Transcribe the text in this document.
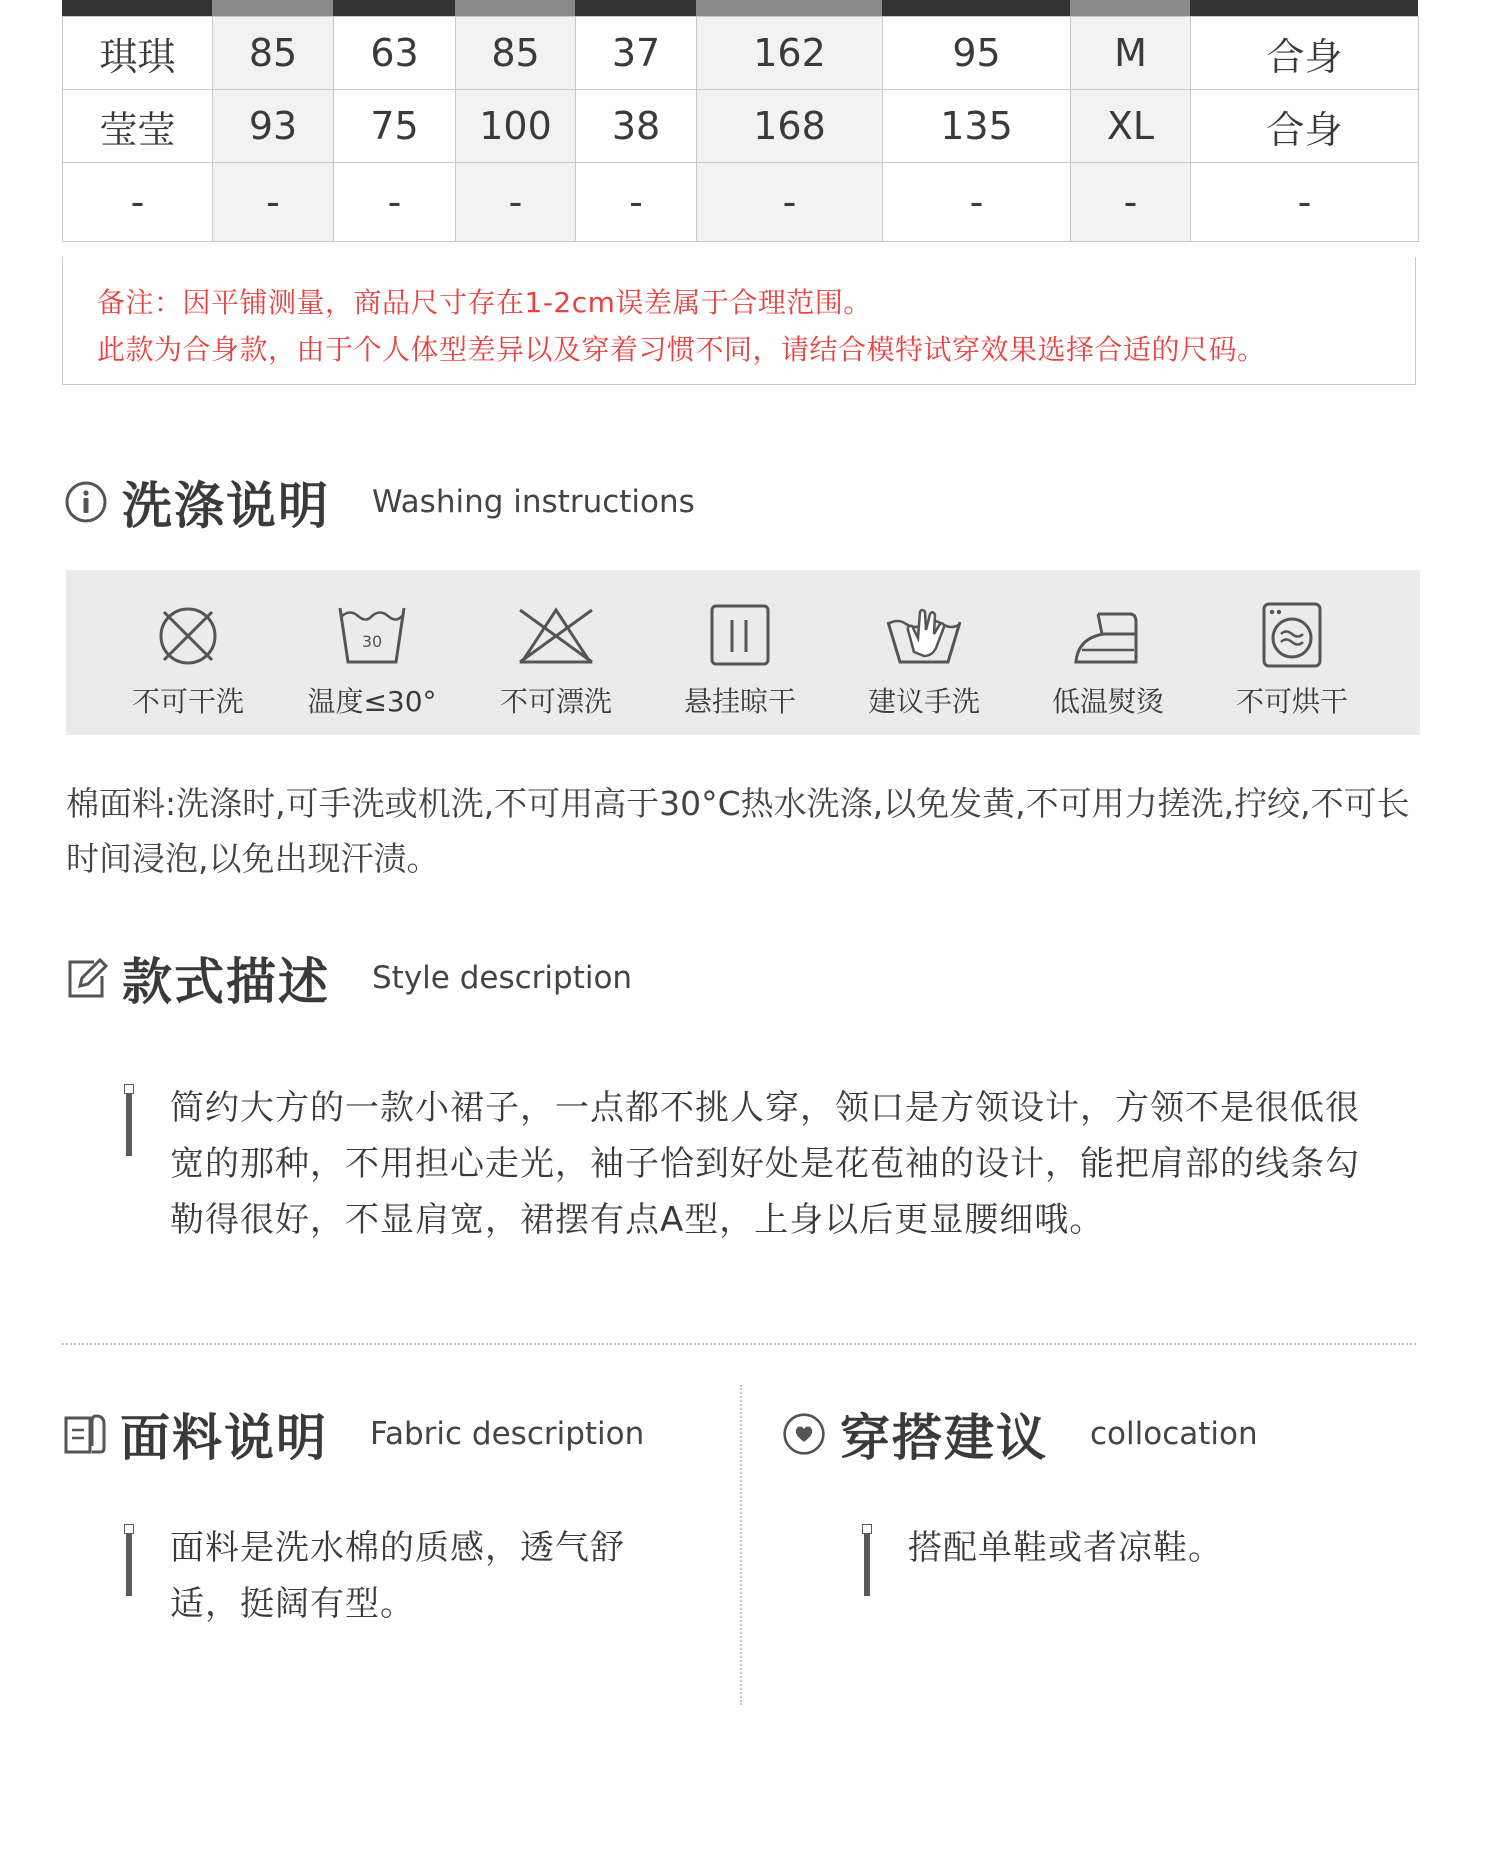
琪琪	85	63	85	37	162	95	M	合身
莹莹	93	75	100	38	168	135	XL	合身
-	-	-	-	-	-	-	-	-

备注：因平铺测量，商品尺寸存在1-2cm误差属于合理范围。

此款为合身款，由于个人体型差异以及穿着习惯不同，请结合模特试穿效果选择合适的尺码。

洗涤说明 Washing instructions
不可干洗
30
温度≤30°	不可漂洗	悬挂晾干	建议手洗	低温熨烫	不可烘干

棉面料:洗涤时,可手洗或机洗,不可用高于30°C热水洗涤,以免发黄,不可用力搓洗,拧绞,不可长时间浸泡,以免出现汗渍。

款式描述 Style description

简约大方的一款小裙子，一点都不挑人穿，领口是方领设计，方领不是很低很宽的那种，不用担心走光，袖子恰到好处是花苞袖的设计，能把肩部的线条勾勒得很好，不显肩宽，裙摆有点A型，上身以后更显腰细哦。

面料说明 Fabric description

面料是洗水棉的质感，透气舒适，挺阔有型。

穿搭建议 collocation

搭配单鞋或者凉鞋。
